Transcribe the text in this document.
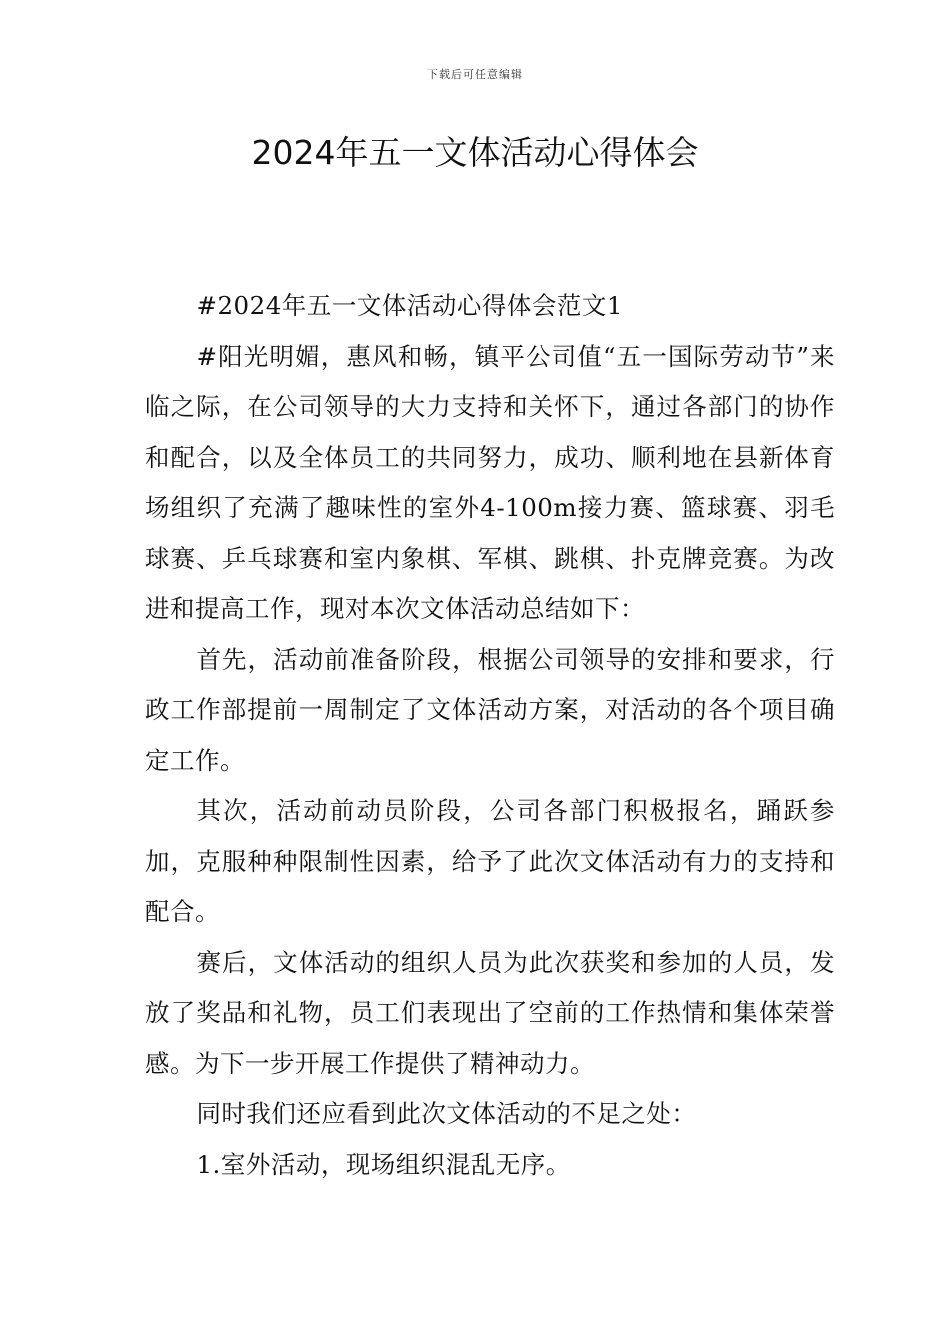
下载后可任意编辑
2024年五一文体活动心得体会

#2024年五一文体活动心得体会范文1

#阳光明媚，惠风和畅，镇平公司值“五一国际劳动节”来临之际，在公司领导的大力支持和关怀下，通过各部门的协作和配合，以及全体员工的共同努力，成功、顺利地在县新体育场组织了充满了趣味性的室外4-100m接力赛、篮球赛、羽毛球赛、乒乓球赛和室内象棋、军棋、跳棋、扑克牌竞赛。为改进和提高工作，现对本次文体活动总结如下：

首先，活动前准备阶段，根据公司领导的安排和要求，行政工作部提前一周制定了文体活动方案，对活动的各个项目确定工作。

其次，活动前动员阶段，公司各部门积极报名，踊跃参加，克服种种限制性因素，给予了此次文体活动有力的支持和配合。

赛后，文体活动的组织人员为此次获奖和参加的人员，发放了奖品和礼物，员工们表现出了空前的工作热情和集体荣誉感。为下一步开展工作提供了精神动力。

同时我们还应看到此次文体活动的不足之处：

1.室外活动，现场组织混乱无序。
